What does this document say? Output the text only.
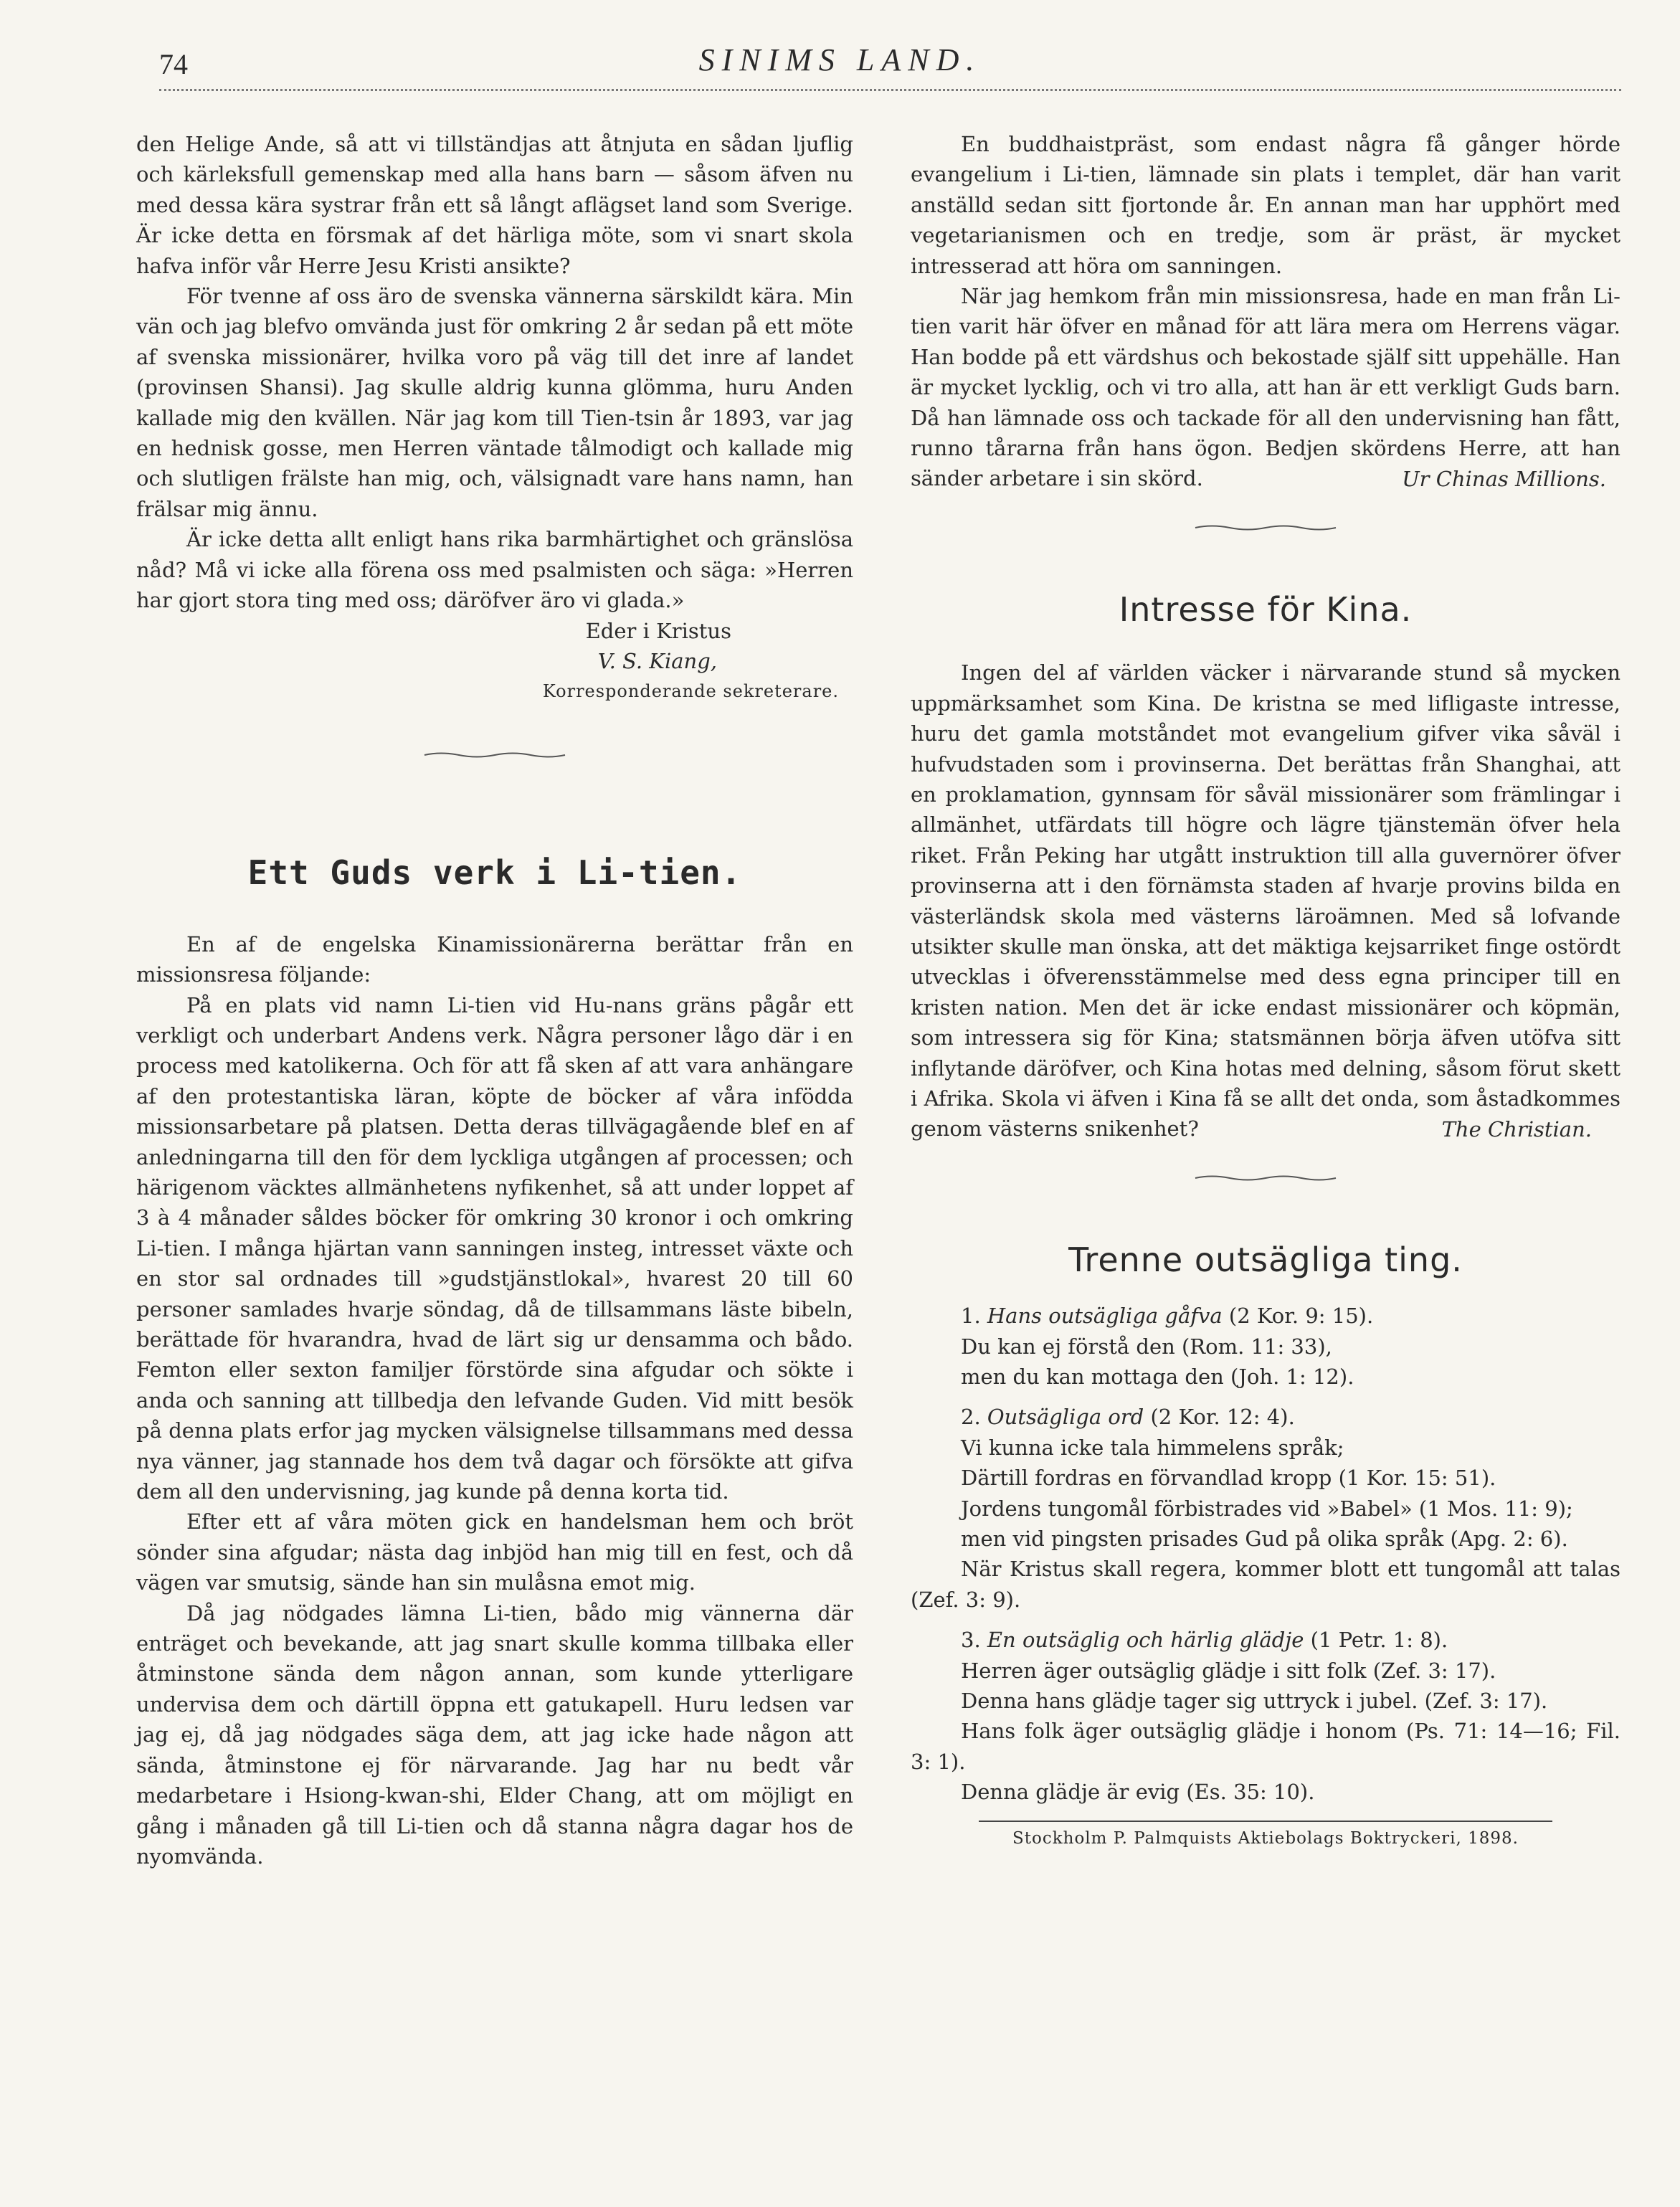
74	SINIMS LAND.

den Helige Ande, så att vi tillständjas att åtnjuta en sådan ljuflig och kärleksfull gemenskap med alla hans barn — såsom äfven nu med dessa kära systrar från ett så långt aflägset land som Sverige. Är icke detta en försmak af det härliga möte, som vi snart skola hafva inför vår Herre Jesu Kristi ansikte?

För tvenne af oss äro de svenska vännerna särskildt kära. Min vän och jag blefvo omvända just för omkring 2 år sedan på ett möte af svenska missionärer, hvilka voro på väg till det inre af landet (provinsen Shansi). Jag skulle aldrig kunna glömma, huru Anden kallade mig den kvällen. När jag kom till Tien-tsin år 1893, var jag en hednisk gosse, men Herren väntade tålmodigt och kallade mig och slutligen frälste han mig, och, välsignadt vare hans namn, han frälsar mig ännu.

Är icke detta allt enligt hans rika barmhärtighet och gränslösa nåd? Må vi icke alla förena oss med psalmisten och säga: »Herren har gjort stora ting med oss; däröfver äro vi glada.»

Eder i Kristus
V. S. Kiang,
Korresponderande sekreterare.
Ett Guds verk i Li-tien.

En af de engelska Kinamissionärerna berättar från en missionsresa följande:

På en plats vid namn Li-tien vid Hu-nans gräns pågår ett verkligt och underbart Andens verk. Några personer lågo där i en process med katolikerna. Och för att få sken af att vara anhängare af den protestantiska läran, köpte de böcker af våra infödda missionsarbetare på platsen. Detta deras tillvägagående blef en af anledningarna till den för dem lyckliga utgången af processen; och härigenom väcktes allmänhetens nyfikenhet, så att under loppet af 3 à 4 månader såldes böcker för omkring 30 kronor i och omkring Li-tien. I många hjärtan vann sanningen insteg, intresset växte och en stor sal ordnades till »gudstjänstlokal», hvarest 20 till 60 personer samlades hvarje söndag, då de tillsammans läste bibeln, berättade för hvarandra, hvad de lärt sig ur densamma och bådo. Femton eller sexton familjer förstörde sina afgudar och sökte i anda och sanning att tillbedja den lefvande Guden. Vid mitt besök på denna plats erfor jag mycken välsignelse tillsammans med dessa nya vänner, jag stannade hos dem två dagar och försökte att gifva dem all den undervisning, jag kunde på denna korta tid.

Efter ett af våra möten gick en handelsman hem och bröt sönder sina afgudar; nästa dag inbjöd han mig till en fest, och då vägen var smutsig, sände han sin mulåsna emot mig.

Då jag nödgades lämna Li-tien, bådo mig vännerna där enträget och bevekande, att jag snart skulle komma tillbaka eller åtminstone sända dem någon annan, som kunde ytterligare undervisa dem och därtill öppna ett gatukapell. Huru ledsen var jag ej, då jag nödgades säga dem, att jag icke hade någon att sända, åtminstone ej för närvarande. Jag har nu bedt vår medarbetare i Hsiong-kwan-shi, Elder Chang, att om möjligt en gång i månaden gå till Li-tien och då stanna några dagar hos de nyomvända.

En buddhaistpräst, som endast några få gånger hörde evangelium i Li-tien, lämnade sin plats i templet, där han varit anställd sedan sitt fjortonde år. En annan man har upphört med vegetarianismen och en tredje, som är präst, är mycket intresserad att höra om sanningen.

När jag hemkom från min missionsresa, hade en man från Li-tien varit här öfver en månad för att lära mera om Herrens vägar. Han bodde på ett värdshus och bekostade själf sitt uppehälle. Han är mycket lycklig, och vi tro alla, att han är ett verkligt Guds barn. Då han lämnade oss och tackade för all den undervisning han fått, runno tårarna från hans ögon. Bedjen skördens Herre, att han sänder arbetare i sin skörd.	Ur Chinas Millions.
Intresse för Kina.

Ingen del af världen väcker i närvarande stund så mycken uppmärksamhet som Kina. De kristna se med lifligaste intresse, huru det gamla motståndet mot evangelium gifver vika såväl i hufvudstaden som i provinserna. Det berättas från Shanghai, att en proklamation, gynnsam för såväl missionärer som främlingar i allmänhet, utfärdats till högre och lägre tjänstemän öfver hela riket. Från Peking har utgått instruktion till alla guvernörer öfver provinserna att i den förnämsta staden af hvarje provins bilda en västerländsk skola med västerns läroämnen. Med så lofvande utsikter skulle man önska, att det mäktiga kejsarriket finge ostördt utvecklas i öfverensstämmelse med dess egna principer till en kristen nation. Men det är icke endast missionärer och köpmän, som intressera sig för Kina; statsmännen börja äfven utöfva sitt inflytande däröfver, och Kina hotas med delning, såsom förut skett i Afrika. Skola vi äfven i Kina få se allt det onda, som åstadkommes genom västerns snikenhet?	The Christian.
Trenne outsägliga ting.

1. Hans outsägliga gåfva (2 Kor. 9: 15).

Du kan ej förstå den (Rom. 11: 33),

men du kan mottaga den (Joh. 1: 12).

2. Outsägliga ord (2 Kor. 12: 4).

Vi kunna icke tala himmelens språk;

Därtill fordras en förvandlad kropp (1 Kor. 15: 51).

Jordens tungomål förbistrades vid »Babel» (1 Mos. 11: 9);

men vid pingsten prisades Gud på olika språk (Apg. 2: 6).

När Kristus skall regera, kommer blott ett tungomål att talas (Zef. 3: 9).

3. En outsäglig och härlig glädje (1 Petr. 1: 8).

Herren äger outsäglig glädje i sitt folk (Zef. 3: 17).

Denna hans glädje tager sig uttryck i jubel. (Zef. 3: 17).

Hans folk äger outsäglig glädje i honom (Ps. 71: 14—16; Fil. 3: 1).

Denna glädje är evig (Es. 35: 10).

Stockholm P. Palmquists Aktiebolags Boktryckeri, 1898.
